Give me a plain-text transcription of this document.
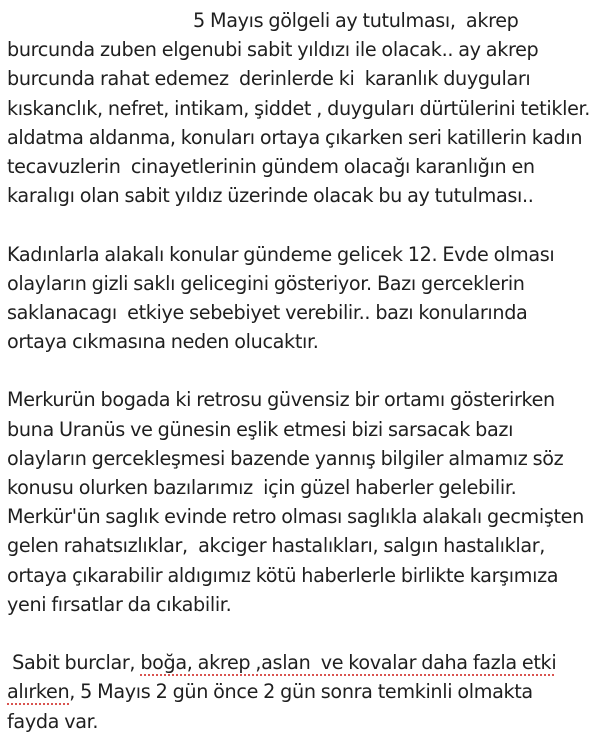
5 Mayıs gölgeli ay tutulması,  akrep
burcunda zuben elgenubi sabit yıldızı ile olacak.. ay akrep
burcunda rahat edemez  derinlerde ki  karanlık duyguları
kıskanclık, nefret, intikam, şiddet , duyguları dürtülerini tetikler.
aldatma aldanma, konuları ortaya çıkarken seri katillerin kadın
tecavuzlerin  cinayetlerinin gündem olacağı karanlığın en
karalıgı olan sabit yıldız üzerinde olacak bu ay tutulması..
Kadınlarla alakalı konular gündeme gelicek 12. Evde olması
olayların gizli saklı gelicegini gösteriyor. Bazı gerceklerin
saklanacagı  etkiye sebebiyet verebilir.. bazı konularında
ortaya cıkmasına neden olucaktır.
Merkurün bogada ki retrosu güvensiz bir ortamı gösterirken
buna Uranüs ve günesin eşlik etmesi bizi sarsacak bazı
olayların gercekleşmesi bazende yannış bilgiler almamız söz
konusu olurken bazılarımız  için güzel haberler gelebilir.
Merkür'ün saglık evinde retro olması saglıkla alakalı gecmişten
gelen rahatsızlıklar,  akciger hastalıkları, salgın hastalıklar,
ortaya çıkarabilir aldıgımız kötü haberlerle birlikte karşımıza
yeni fırsatlar da cıkabilir.
Sabit burclar, boğa, akrep ,aslan  ve kovalar daha fazla etki
alırken, 5 Mayıs 2 gün önce 2 gün sonra temkinli olmakta
fayda var.
